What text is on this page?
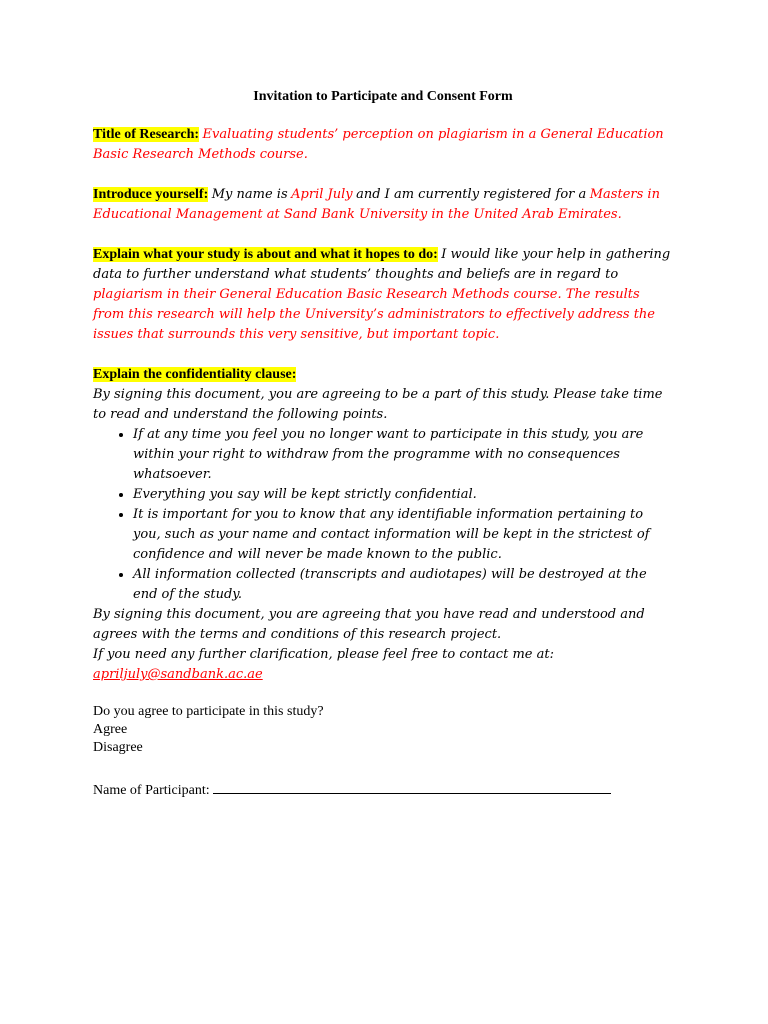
Invitation to Participate and Consent Form
Title of Research: Evaluating students’ perception on plagiarism in a General Education Basic Research Methods course.
Introduce yourself: My name is April July and I am currently registered for a Masters in Educational Management at Sand Bank University in the United Arab Emirates.
Explain what your study is about and what it hopes to do: I would like your help in gathering data to further understand what students’ thoughts and beliefs are in regard to plagiarism in their General Education Basic Research Methods course. The results from this research will help the University’s administrators to effectively address the issues that surrounds this very sensitive, but important topic.
Explain the confidentiality clause:
By signing this document, you are agreeing to be a part of this study. Please take time to read and understand the following points.
• If at any time you feel you no longer want to participate in this study, you are within your right to withdraw from the programme with no consequences whatsoever.
• Everything you say will be kept strictly confidential.
• It is important for you to know that any identifiable information pertaining to you, such as your name and contact information will be kept in the strictest of confidence and will never be made known to the public.
• All information collected (transcripts and audiotapes) will be destroyed at the end of the study.
By signing this document, you are agreeing that you have read and understood and agrees with the terms and conditions of this research project.
If you need any further clarification, please feel free to contact me at:
apriljuly@sandbank.ac.ae
Do you agree to participate in this study?
Agree
Disagree
Name of Participant:
